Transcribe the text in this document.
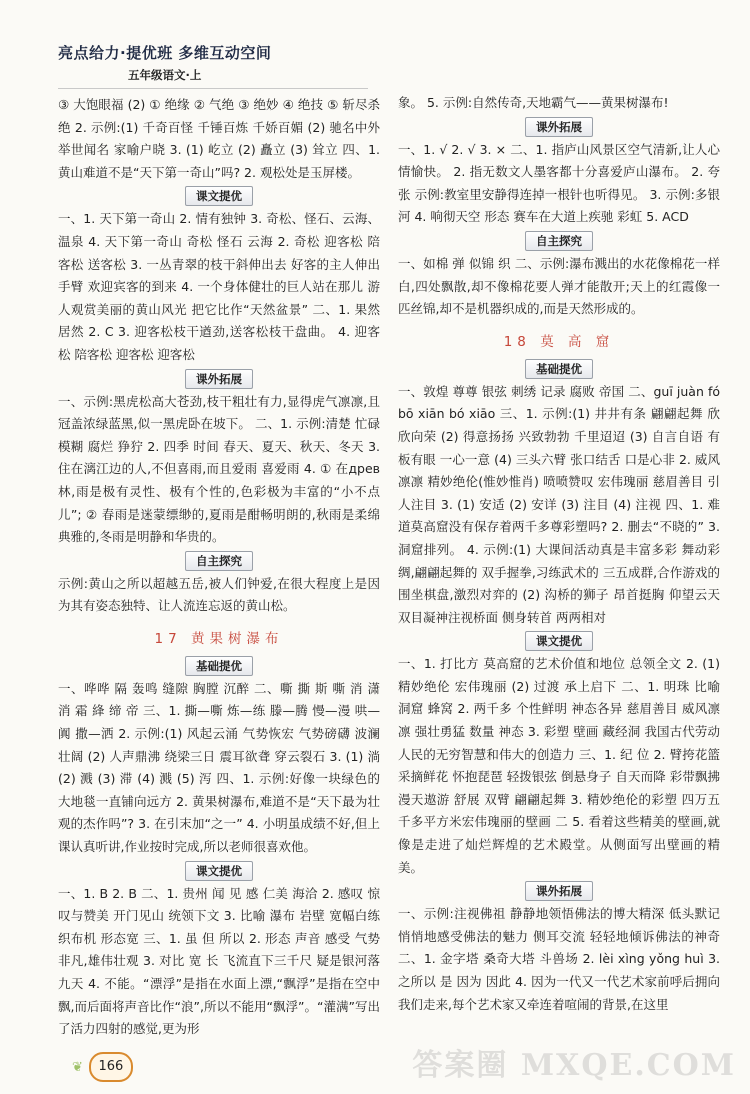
亮点给力·提优班 多维互动空间
五年级语文·上

③ 大饱眼福 (2) ① 绝缘 ② 气绝 ③ 绝妙 ④ 绝技 ⑤ 斩尽杀绝 2. 示例:(1) 千奇百怪 千锤百炼 千娇百媚 (2) 驰名中外 举世闻名 家喻户晓 3. (1) 屹立 (2) 矗立 (3) 耸立 四、1. 黄山难道不是“天下第一奇山”吗? 2. 观松处是玉屏楼。

课文提优

一、1. 天下第一奇山 2. 情有独钟 3. 奇松、怪石、云海、温泉 4. 天下第一奇山 奇松 怪石 云海 2. 奇松 迎客松 陪客松 送客松 3. 一丛青翠的枝干斜伸出去 好客的主人伸出手臂 欢迎宾客的到来 4. 一个身体健壮的巨人站在那儿 游人观赏美丽的黄山风光 把它比作“天然盆景” 二、1. 果然 居然 2. C 3. 迎客松枝干遒劲,送客松枝干盘曲。 4. 迎客松 陪客松 迎客松 迎客松

课外拓展

一、示例:黑虎松高大苍劲,枝干粗壮有力,显得虎气凛凛,且冠盖浓绿蓝黑,似一黑虎卧在坡下。 二、1. 示例:清楚 忙碌 模糊 腐烂 狰狞 2. 四季 时间 春天、夏天、秋天、冬天 3. 住在漓江边的人,不但喜雨,而且爱雨 喜爱雨 4. ① 在древ林,雨是极有灵性、极有个性的,色彩极为丰富的“小不点儿”; ② 春雨是迷蒙缥缈的,夏雨是酣畅明朗的,秋雨是柔绵典雅的,冬雨是明静和华贵的。

自主探究

示例:黄山之所以超越五岳,被人们钟爱,在很大程度上是因为其有姿态独特、让人流连忘返的黄山松。

17 黄果树瀑布
基础提优

一、哗哗 隔 轰鸣 缝隙 胸膛 沉醉 二、嘶 撕 斯 嘶 消 潇 消 霜 綘 缔 帝 三、1. 撕—嘶 炼—练 滕—腾 慢—漫 哄—阗 撒—洒 2. 示例:(1) 风起云涌 气势恢宏 气势磅礴 波澜壮阔 (2) 人声鼎沸 绕梁三日 震耳欲聋 穿云裂石 3. (1) 淌 (2) 溅 (3) 滞 (4) 溅 (5) 泻 四、1. 示例:好像一块绿色的大地毯一直铺向远方 2. 黄果树瀑布,难道不是“天下最为壮观的杰作吗”? 3. 在引末加“之一” 4. 小明虽成绩不好,但上课认真听讲,作业按时完成,所以老师很喜欢他。

课文提优

一、1. B 2. B 二、1. 贵州 闻 见 感 仁美 海洽 2. 感叹 惊叹与赞美 开门见山 统领下文 3. 比喻 瀑布 岩壁 宽幅白练 织布机 形态宽 三、1. 虽 但 所以 2. 形态 声音 感受 气势非凡,雄伟壮观 3. 对比 宽 长 飞流直下三千尺 疑是银河落九天 4. 不能。“漂浮”是指在水面上漂,“飘浮”是指在空中飘,而后面将声音比作“浪”,所以不能用“飘浮”。“灌满”写出了活力四射的感觉,更为形

象。 5. 示例:自然传奇,天地霸气——黄果树瀑布!

课外拓展

一、1. √ 2. √ 3. × 二、1. 指庐山风景区空气清新,让人心情愉快。 2. 指无数文人墨客都十分喜爱庐山瀑布。 2. 夸张 示例:教室里安静得连掉一根针也听得见。 3. 示例:多银河 4. 响彻天空 形态 赛车在大道上疾驰 彩虹 5. ACD

自主探究

一、如棉 弹 似锦 织 二、示例:瀑布溅出的水花像棉花一样白,四处飘散,却不像棉花要人弹才能散开;天上的红霞像一匹丝锦,却不是机器织成的,而是天然形成的。

18 莫 高 窟
基础提优

一、敦煌 尊尊 银弦 刺绣 记录 腐败 帝国 二、guī juàn fó bō xiān bó xiāo 三、1. 示例:(1) 井井有条 翩翩起舞 欣欣向荣 (2) 得意扬扬 兴致勃勃 千里迢迢 (3) 自言自语 有板有眼 一心一意 (4) 三头六臂 张口结舌 口是心非 2. 威风凛凛 精妙绝伦(惟妙惟肖) 喷喷赞叹 宏伟瑰丽 慈眉善目 引人注目 3. (1) 安适 (2) 安详 (3) 注目 (4) 注视 四、1. 难道莫高窟没有保存着两千多尊彩塑吗? 2. 删去“不晓的” 3. 洞窟排列。 4. 示例:(1) 大课间活动真是丰富多彩 舞动彩绸,翩翩起舞的 双手握拳,习练武术的 三五成群,合作游戏的 围坐棋盘,激烈对弈的 (2) 沟桥的狮子 昂首挺胸 仰望云天 双目凝神注视桥面 侧身转首 两两相对

课文提优

一、1. 打比方 莫高窟的艺术价值和地位 总领全文 2. (1) 精妙绝伦 宏伟瑰丽 (2) 过渡 承上启下 二、1. 明珠 比喻 洞窟 蜂窝 2. 两千多 个性鲜明 神态各异 慈眉善目 威风凛凛 强壮勇猛 数量 神态 3. 彩塑 壁画 藏经洞 我国古代劳动人民的无穷智慧和伟大的创造力 三、1. 纪 位 2. 臂挎花篮 采摘鲜花 怀抱琵琶 轻拨银弦 倒悬身子 自天而降 彩带飘拂 漫天遨游 舒展 双臂 翩翩起舞 3. 精妙绝伦的彩塑 四万五千多平方米宏伟瑰丽的壁画 二 5. 看着这些精美的壁画,就像是走进了灿烂辉煌的艺术殿堂。从侧面写出壁画的精美。

课外拓展

一、示例:注视佛祖 静静地领悟佛法的博大精深 低头默记 悄悄地感受佛法的魅力 侧耳交流 轻轻地倾诉佛法的神奇 二、1. 金字塔 桑奇大塔 斗兽场 2. lèi xìng yǒng huì 3. 之所以 是 因为 因此 4. 因为一代又一代艺术家前呼后拥向我们走来,每个艺术家又牵连着喧闹的背景,在这里

❦	166	答案圈 MXQE.COM
